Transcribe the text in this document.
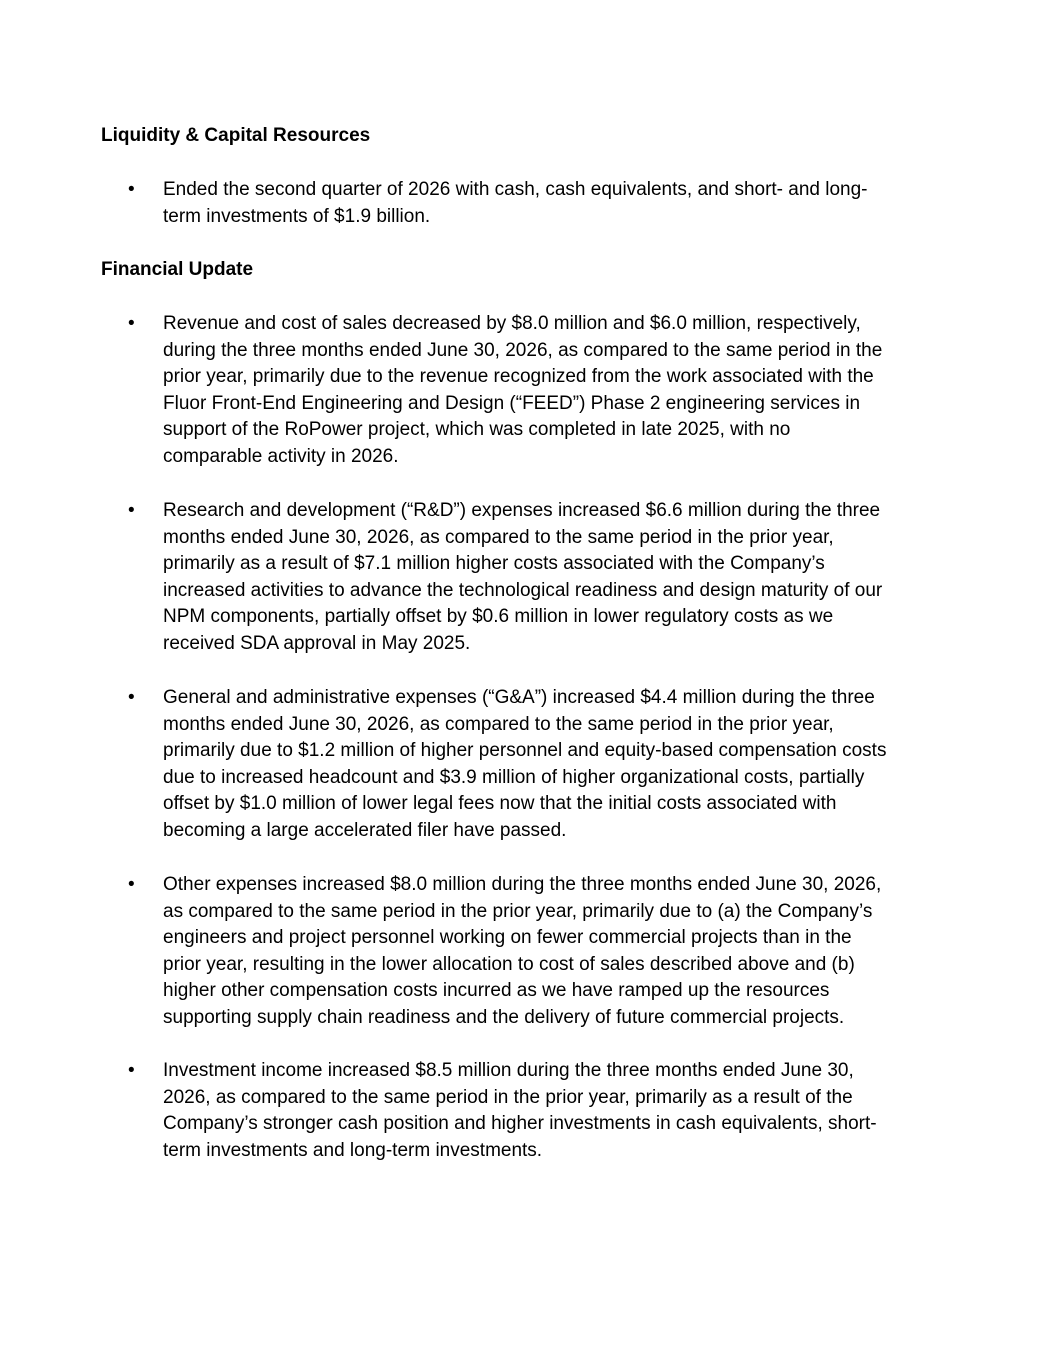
Liquidity & Capital Resources
•	Ended the second quarter of 2026 with cash, cash equivalents, and short- and long-
term investments of $1.9 billion.
Financial Update
•	Revenue and cost of sales decreased by $8.0 million and $6.0 million, respectively,
during the three months ended June 30, 2026, as compared to the same period in the
prior year, primarily due to the revenue recognized from the work associated with the
Fluor Front-End Engineering and Design (“FEED”) Phase 2 engineering services in
support of the RoPower project, which was completed in late 2025, with no
comparable activity in 2026.
•	Research and development (“R&D”) expenses increased $6.6 million during the three
months ended June 30, 2026, as compared to the same period in the prior year,
primarily as a result of $7.1 million higher costs associated with the Company’s
increased activities to advance the technological readiness and design maturity of our
NPM components, partially offset by $0.6 million in lower regulatory costs as we
received SDA approval in May 2025.
•	General and administrative expenses (“G&A”) increased $4.4 million during the three
months ended June 30, 2026, as compared to the same period in the prior year,
primarily due to $1.2 million of higher personnel and equity-based compensation costs
due to increased headcount and $3.9 million of higher organizational costs, partially
offset by $1.0 million of lower legal fees now that the initial costs associated with
becoming a large accelerated filer have passed.
•	Other expenses increased $8.0 million during the three months ended June 30, 2026,
as compared to the same period in the prior year, primarily due to (a) the Company’s
engineers and project personnel working on fewer commercial projects than in the
prior year, resulting in the lower allocation to cost of sales described above and (b)
higher other compensation costs incurred as we have ramped up the resources
supporting supply chain readiness and the delivery of future commercial projects.
•	Investment income increased $8.5 million during the three months ended June 30,
2026, as compared to the same period in the prior year, primarily as a result of the
Company’s stronger cash position and higher investments in cash equivalents, short-
term investments and long-term investments.
